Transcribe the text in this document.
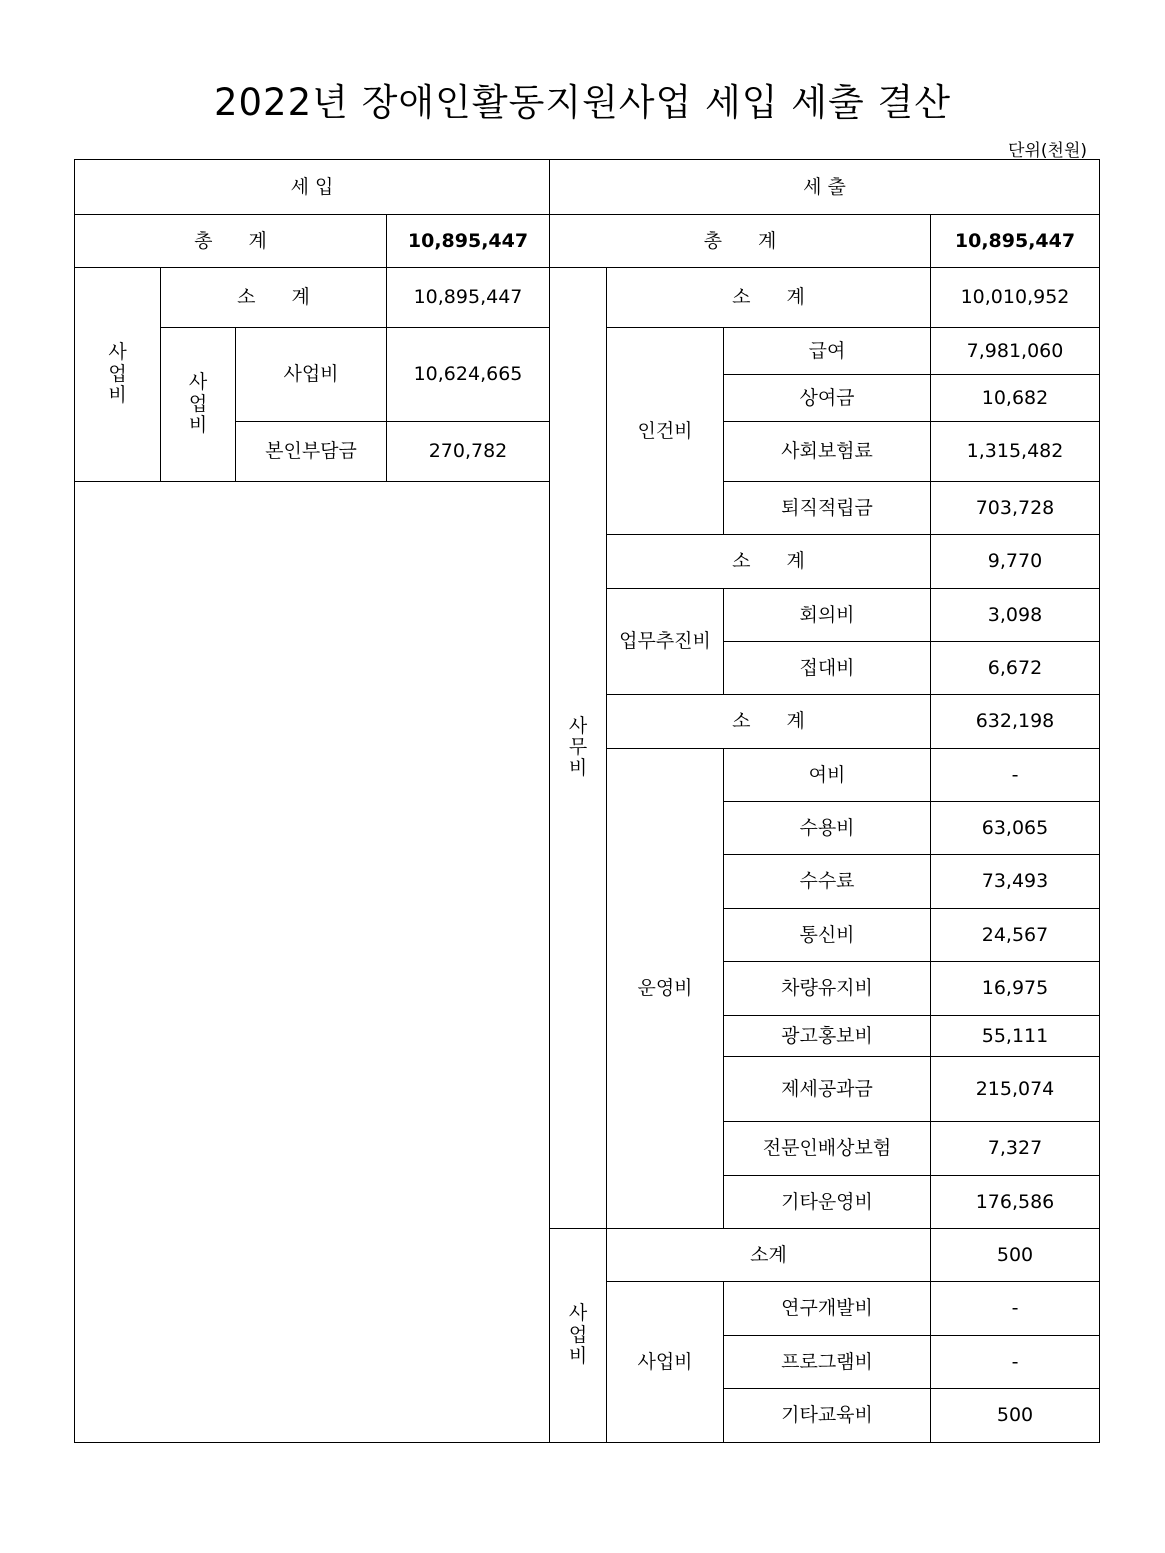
2022년 장애인활동지원사업 세입 세출 결산
단위(천원)
세 입				세 출			
총 계			10,895,447	총 계			10,895,447
사업비	소 계		10,895,447	사무비	소 계		10,010,952
	사업비	사업비	10,624,665		인건비	급여	7,981,060
						상여금	10,682
		본인부담금	270,782			사회보험료	1,315,482
						퇴직적립금	703,728
					소 계		9,770
					업무추진비	회의비	3,098
						접대비	6,672
					소 계		632,198
					운영비	여비	-
						수용비	63,065
						수수료	73,493
						통신비	24,567
						차량유지비	16,975
						광고홍보비	55,111
						제세공과금	215,074
						전문인배상보험	7,327
						기타운영비	176,586
				사업비	소계		500
					사업비	연구개발비	-
						프로그램비	-
						기타교육비	500
